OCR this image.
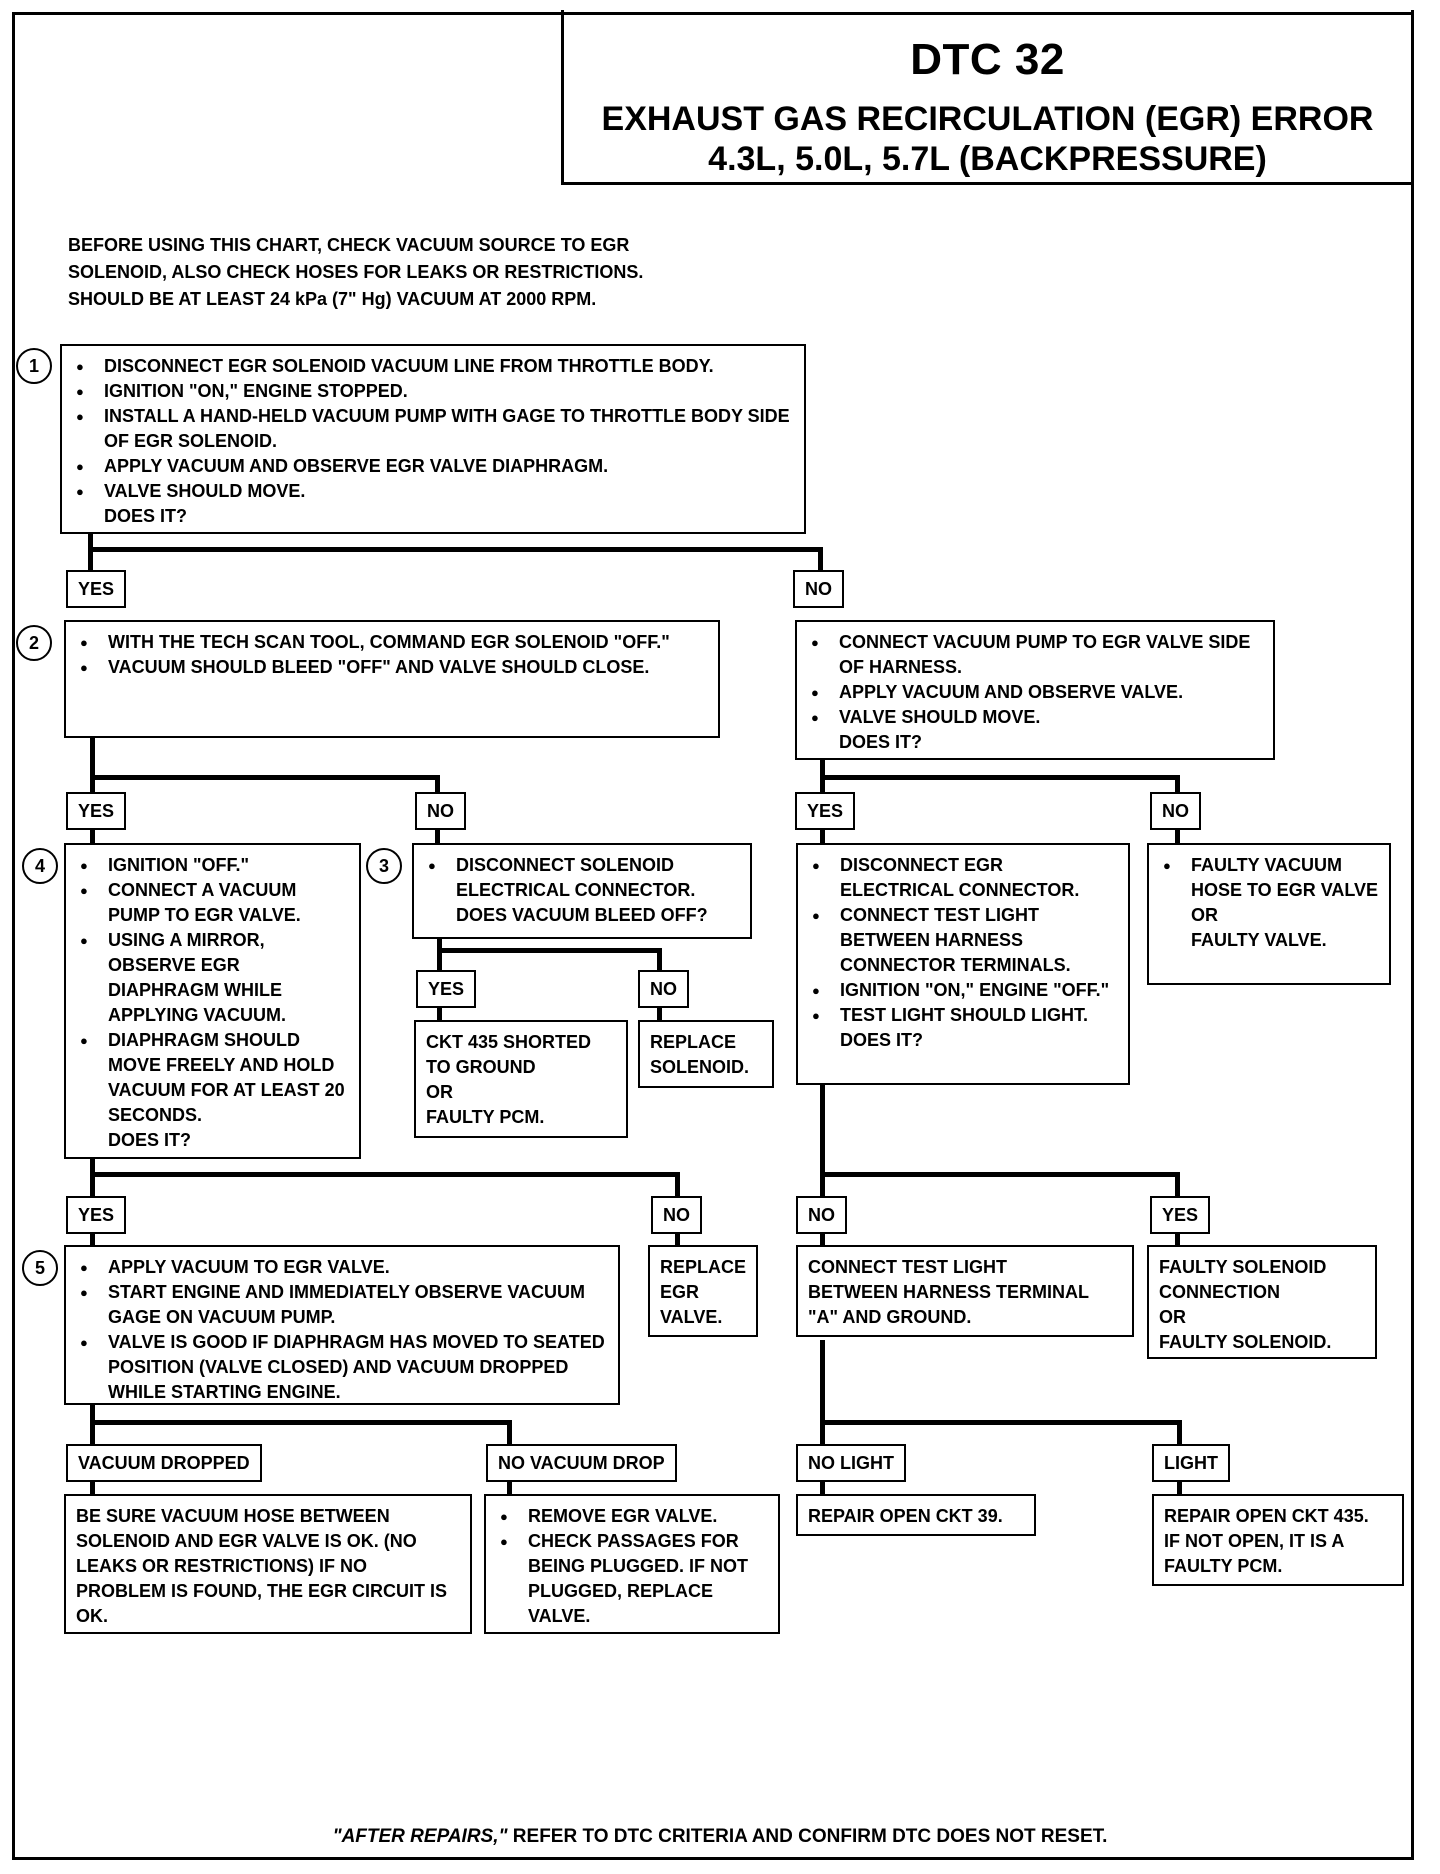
DTC 32
EXHAUST GAS RECIRCULATION (EGR) ERROR
4.3L, 5.0L, 5.7L (BACKPRESSURE)
BEFORE USING THIS CHART, CHECK VACUUM SOURCE TO EGR
SOLENOID, ALSO CHECK HOSES FOR LEAKS OR RESTRICTIONS.
SHOULD BE AT LEAST 24 kPa (7" Hg) VACUUM AT 2000 RPM.
1	● DISCONNECT EGR SOLENOID VACUUM LINE FROM THROTTLE BODY.
● IGNITION "ON," ENGINE STOPPED.
● INSTALL A HAND-HELD VACUUM PUMP WITH GAGE TO THROTTLE BODY SIDE OF EGR SOLENOID.
● APPLY VACUUM AND OBSERVE EGR VALVE DIAPHRAGM.
● VALVE SHOULD MOVE.
DOES IT?
YES	NO
2	● WITH THE TECH SCAN TOOL, COMMAND EGR SOLENOID "OFF."
● VACUUM SHOULD BLEED "OFF" AND VALVE SHOULD CLOSE.
● CONNECT VACUUM PUMP TO EGR VALVE SIDE OF HARNESS.
● APPLY VACUUM AND OBSERVE VALVE.
● VALVE SHOULD MOVE.
DOES IT?
YES	NO	YES	NO
4	● IGNITION "OFF."
● CONNECT A VACUUM PUMP TO EGR VALVE.
● USING A MIRROR, OBSERVE EGR DIAPHRAGM WHILE APPLYING VACUUM.
● DIAPHRAGM SHOULD MOVE FREELY AND HOLD VACUUM FOR AT LEAST 20 SECONDS.
DOES IT?
3	● DISCONNECT SOLENOID ELECTRICAL CONNECTOR.
DOES VACUUM BLEED OFF?
● DISCONNECT EGR ELECTRICAL CONNECTOR.
● CONNECT TEST LIGHT BETWEEN HARNESS CONNECTOR TERMINALS.
● IGNITION "ON," ENGINE "OFF."
● TEST LIGHT SHOULD LIGHT.
DOES IT?
● FAULTY VACUUM HOSE TO EGR VALVE
OR
FAULTY VALVE.
YES	NO
CKT 435 SHORTED
TO GROUND
OR
FAULTY PCM.
REPLACE
SOLENOID.
YES	NO	NO	YES
5	● APPLY VACUUM TO EGR VALVE.
● START ENGINE AND IMMEDIATELY OBSERVE VACUUM GAGE ON VACUUM PUMP.
● VALVE IS GOOD IF DIAPHRAGM HAS MOVED TO SEATED POSITION (VALVE CLOSED) AND VACUUM DROPPED WHILE STARTING ENGINE.
REPLACE
EGR
VALVE.
CONNECT TEST LIGHT
BETWEEN HARNESS TERMINAL
"A" AND GROUND.
FAULTY SOLENOID
CONNECTION
OR
FAULTY SOLENOID.
VACUUM DROPPED	NO VACUUM DROP	NO LIGHT	LIGHT
BE SURE VACUUM HOSE BETWEEN SOLENOID AND EGR VALVE IS OK. (NO LEAKS OR RESTRICTIONS) IF NO PROBLEM IS FOUND, THE EGR CIRCUIT IS OK.
● REMOVE EGR VALVE.
● CHECK PASSAGES FOR BEING PLUGGED. IF NOT PLUGGED, REPLACE VALVE.
REPAIR OPEN CKT 39.	REPAIR OPEN CKT 435.
IF NOT OPEN, IT IS A
FAULTY PCM.
"AFTER REPAIRS," REFER TO DTC CRITERIA AND CONFIRM DTC DOES NOT RESET.
